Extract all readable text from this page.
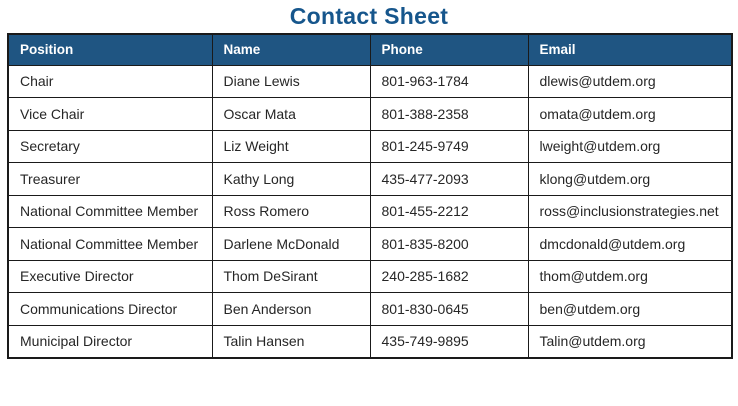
Contact Sheet
Position	Name	Phone	Email
Chair	Diane Lewis	801-963-1784	dlewis@utdem.org
Vice Chair	Oscar Mata	801-388-2358	omata@utdem.org
Secretary	Liz Weight	801-245-9749	lweight@utdem.org
Treasurer	Kathy Long	435-477-2093	klong@utdem.org
National Committee Member	Ross Romero	801-455-2212	ross@inclusionstrategies.net
National Committee Member	Darlene McDonald	801-835-8200	dmcdonald@utdem.org
Executive Director	Thom DeSirant	240-285-1682	thom@utdem.org
Communications Director	Ben Anderson	801-830-0645	ben@utdem.org
Municipal Director	Talin Hansen	435-749-9895	Talin@utdem.org
